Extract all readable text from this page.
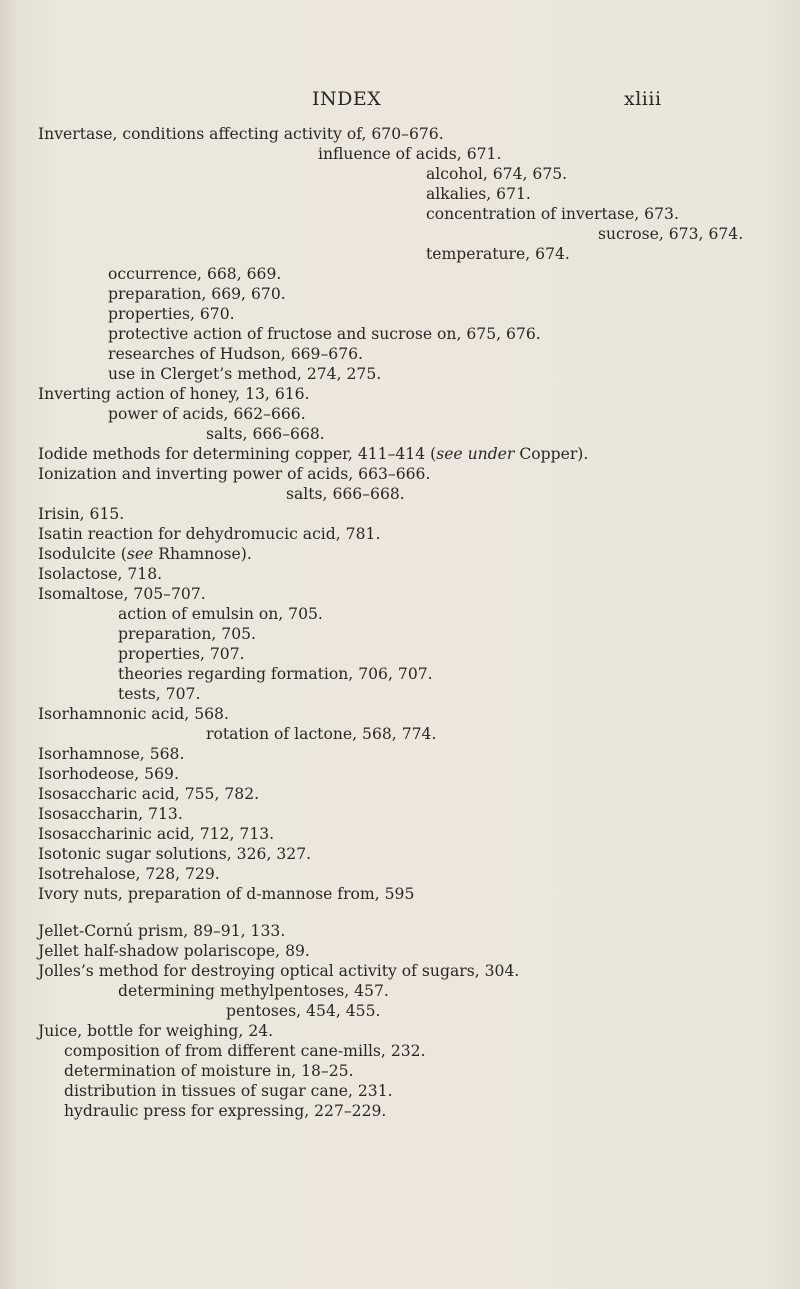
INDEX	xliii
Invertase, conditions affecting activity of, 670–676.
influence of acids, 671.
alcohol, 674, 675.
alkalies, 671.
concentration of invertase, 673.
sucrose, 673, 674.
temperature, 674.
occurrence, 668, 669.
preparation, 669, 670.
properties, 670.
protective action of fructose and sucrose on, 675, 676.
researches of Hudson, 669–676.
use in Clerget’s method, 274, 275.
Inverting action of honey, 13, 616.
power of acids, 662–666.
salts, 666–668.
Iodide methods for determining copper, 411–414 (see under Copper).
Ionization and inverting power of acids, 663–666.
salts, 666–668.
Irisin, 615.
Isatin reaction for dehydromucic acid, 781.
Isodulcite (see Rhamnose).
Isolactose, 718.
Isomaltose, 705–707.
action of emulsin on, 705.
preparation, 705.
properties, 707.
theories regarding formation, 706, 707.
tests, 707.
Isorhamnonic acid, 568.
rotation of lactone, 568, 774.
Isorhamnose, 568.
Isorhodeose, 569.
Isosaccharic acid, 755, 782.
Isosaccharin, 713.
Isosaccharinic acid, 712, 713.
Isotonic sugar solutions, 326, 327.
Isotrehalose, 728, 729.
Ivory nuts, preparation of d-mannose from, 595
Jellet-Cornú prism, 89–91, 133.
Jellet half-shadow polariscope, 89.
Jolles’s method for destroying optical activity of sugars, 304.
determining methylpentoses, 457.
pentoses, 454, 455.
Juice, bottle for weighing, 24.
composition of from different cane-mills, 232.
determination of moisture in, 18–25.
distribution in tissues of sugar cane, 231.
hydraulic press for expressing, 227–229.
